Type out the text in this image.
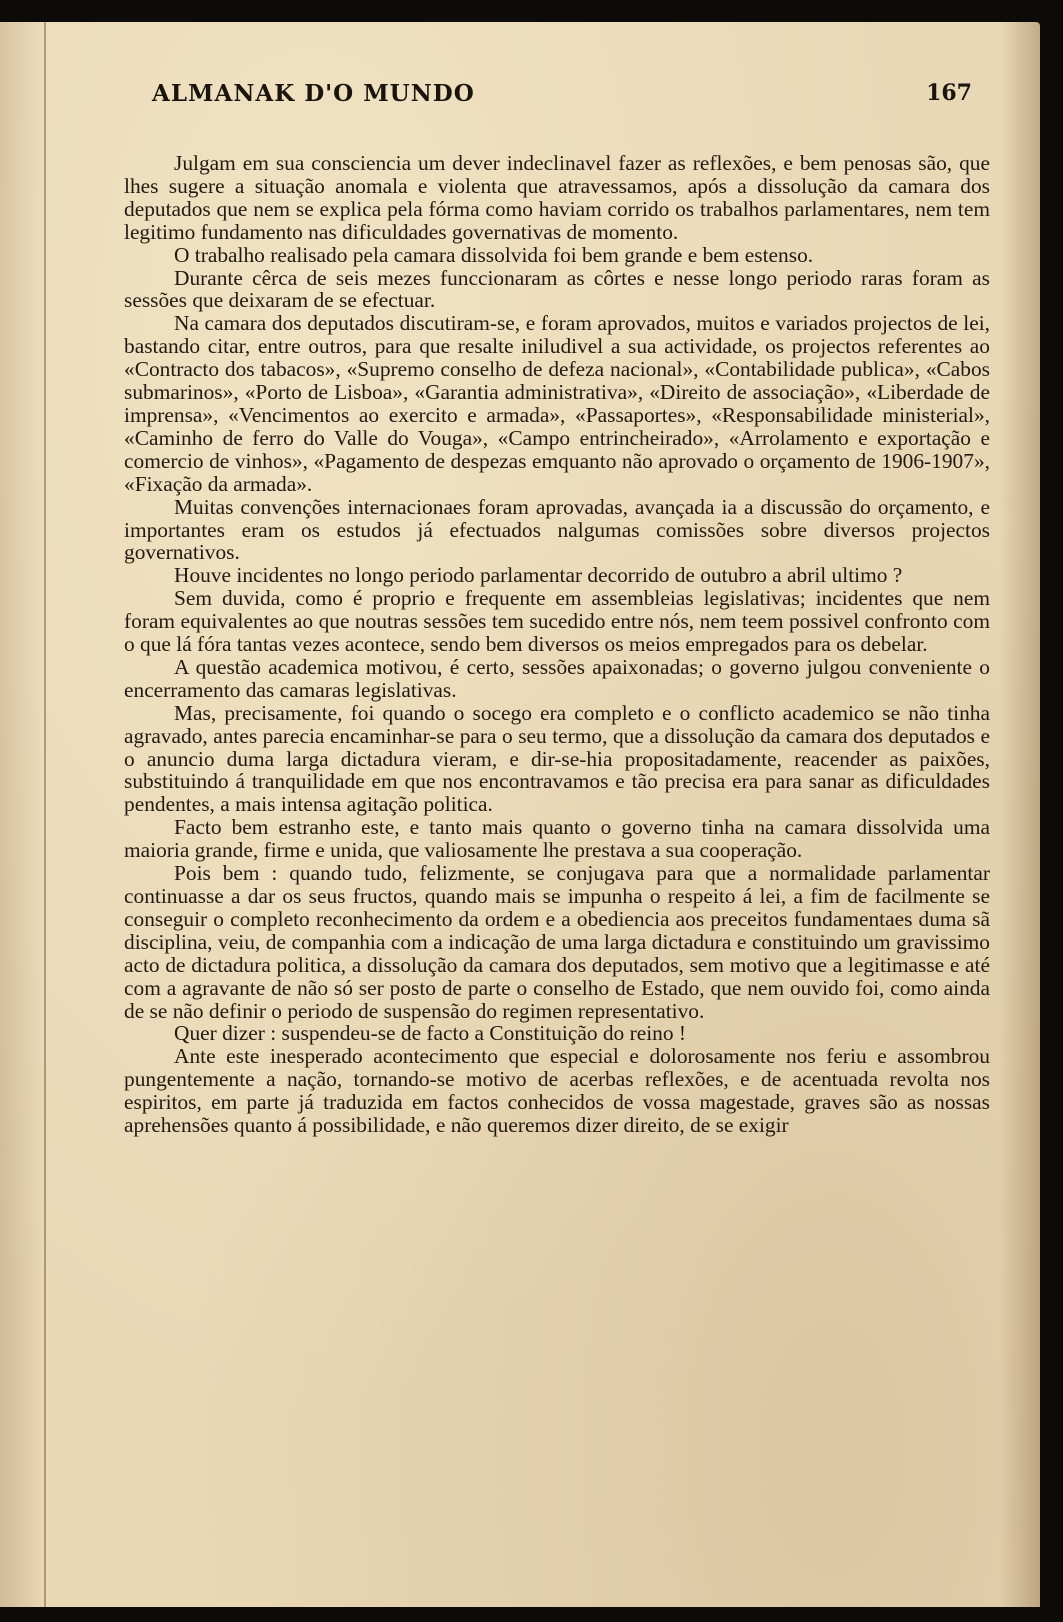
ALMANAK D'O MUNDO	167

Julgam em sua consciencia um dever indeclinavel fazer as reflexões, e bem penosas são, que lhes sugere a situação anomala e violenta que atravessamos, após a dissolução da camara dos deputados que nem se explica pela fórma como haviam corrido os trabalhos parlamentares, nem tem legitimo fundamento nas dificuldades governativas de momento.

O trabalho realisado pela camara dissolvida foi bem grande e bem estenso.

Durante cêrca de seis mezes funccionaram as côrtes e nesse longo periodo raras foram as sessões que deixaram de se efectuar.

Na camara dos deputados discutiram-se, e foram aprovados, muitos e variados projectos de lei, bastando citar, entre outros, para que resalte iniludivel a sua actividade, os projectos referentes ao «Contracto dos tabacos», «Supremo conselho de defeza nacional», «Contabilidade publica», «Cabos submarinos», «Porto de Lisboa», «Garantia administrativa», «Direito de associação», «Liberdade de imprensa», «Vencimentos ao exercito e armada», «Passaportes», «Responsabilidade ministerial», «Caminho de ferro do Valle do Vouga», «Campo entrincheirado», «Arrolamento e exportação e comercio de vinhos», «Pagamento de despezas emquanto não aprovado o orçamento de 1906-1907», «Fixação da armada».

Muitas convenções internacionaes foram aprovadas, avançada ia a discussão do orçamento, e importantes eram os estudos já efectuados nalgumas comissões sobre diversos projectos governativos.

Houve incidentes no longo periodo parlamentar decorrido de outubro a abril ultimo ?

Sem duvida, como é proprio e frequente em assembleias legislativas; incidentes que nem foram equivalentes ao que noutras sessões tem sucedido entre nós, nem teem possivel confronto com o que lá fóra tantas vezes acontece, sendo bem diversos os meios empregados para os debelar.

A questão academica motivou, é certo, sessões apaixonadas; o governo julgou conveniente o encerramento das camaras legislativas.

Mas, precisamente, foi quando o socego era completo e o conflicto academico se não tinha agravado, antes parecia encaminhar-se para o seu termo, que a dissolução da camara dos deputados e o anuncio duma larga dictadura vieram, e dir-se-hia propositadamente, reacender as paixões, substituindo á tranquilidade em que nos encontravamos e tão precisa era para sanar as dificuldades pendentes, a mais intensa agitação politica.

Facto bem estranho este, e tanto mais quanto o governo tinha na camara dissolvida uma maioria grande, firme e unida, que valiosamente lhe prestava a sua cooperação.

Pois bem : quando tudo, felizmente, se conjugava para que a normalidade parlamentar continuasse a dar os seus fructos, quando mais se impunha o respeito á lei, a fim de facilmente se conseguir o completo reconhecimento da ordem e a obediencia aos preceitos fundamentaes duma sã disciplina, veiu, de companhia com a indicação de uma larga dictadura e constituindo um gravissimo acto de dictadura politica, a dissolução da camara dos deputados, sem motivo que a legitimasse e até com a agravante de não só ser posto de parte o conselho de Estado, que nem ouvido foi, como ainda de se não definir o periodo de suspensão do regimen representativo.

Quer dizer : suspendeu-se de facto a Constituição do reino !

Ante este inesperado acontecimento que especial e dolorosamente nos feriu e assombrou pungentemente a nação, tornando-se motivo de acerbas reflexões, e de acentuada revolta nos espiritos, em parte já traduzida em factos conhecidos de vossa magestade, graves são as nossas aprehensões quanto á possibilidade, e não queremos dizer direito, de se exigir
